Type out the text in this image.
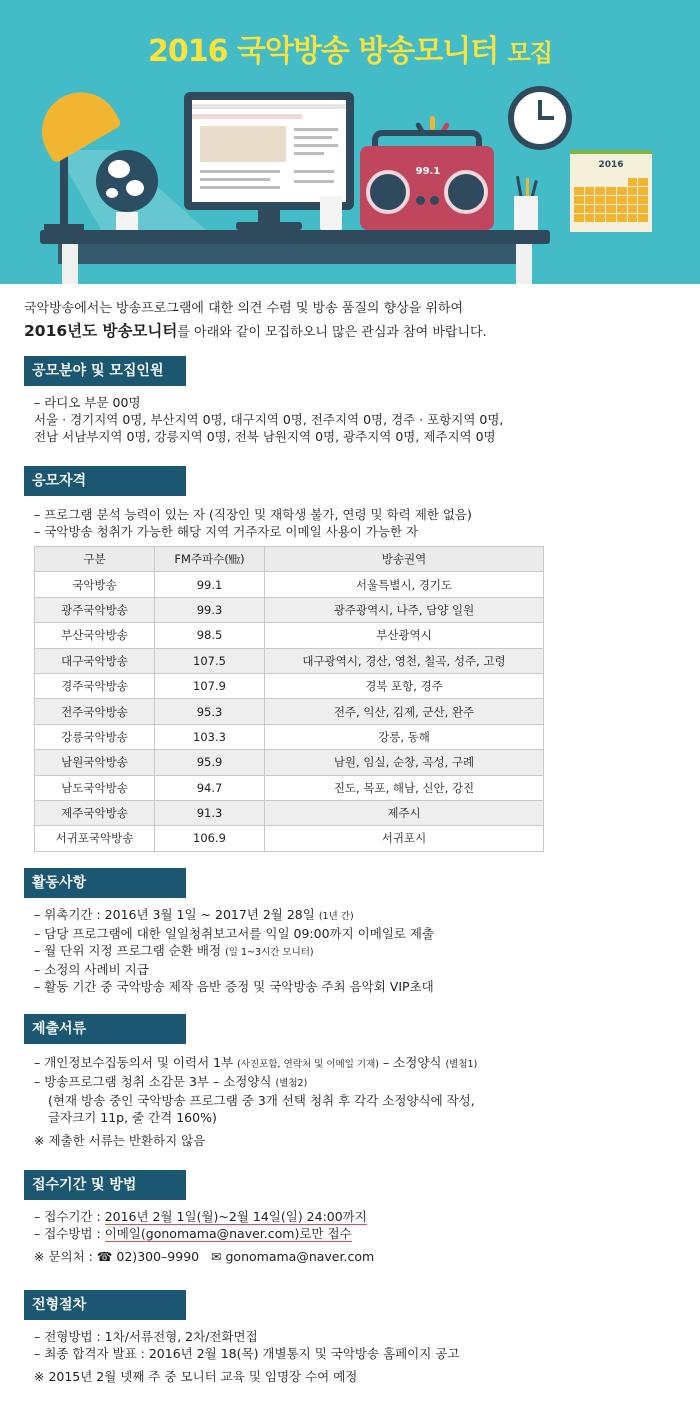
2016 국악방송 방송모니터 모집
99.1
2016
국악방송에서는 방송프로그램에 대한 의견 수렴 및 방송 품질의 향상을 위하여
2016년도 방송모니터를 아래와 같이 모집하오니 많은 관심과 참여 바랍니다.
공모분야 및 모집인원
– 라디오 부문 00명
서울 · 경기지역 0명, 부산지역 0명, 대구지역 0명, 전주지역 0명, 경주 · 포항지역 0명,
전남 서남부지역 0명, 강릉지역 0명, 전북 남원지역 0명, 광주지역 0명, 제주지역 0명
응모자격
– 프로그램 분석 능력이 있는 자 (직장인 및 재학생 불가, 연령 및 학력 제한 없음)
– 국악방송 청취가 가능한 해당 지역 거주자로 이메일 사용이 가능한 자
구분	FM주파수(㎒)	방송권역
국악방송	99.1	서울특별시, 경기도
광주국악방송	99.3	광주광역시, 나주, 담양 일원
부산국악방송	98.5	부산광역시
대구국악방송	107.5	대구광역시, 경산, 영천, 칠곡, 성주, 고령
경주국악방송	107.9	경북 포항, 경주
전주국악방송	95.3	전주, 익산, 김제, 군산, 완주
강릉국악방송	103.3	강릉, 동해
남원국악방송	95.9	남원, 임실, 순창, 곡성, 구례
남도국악방송	94.7	진도, 목포, 해남, 신안, 강진
제주국악방송	91.3	제주시
서귀포국악방송	106.9	서귀포시
활동사항
– 위촉기간 : 2016년 3월 1일 ~ 2017년 2월 28일 (1년 간)
– 담당 프로그램에 대한 일일청취보고서를 익일 09:00까지 이메일로 제출
– 월 단위 지정 프로그램 순환 배정 (일 1~3시간 모니터)
– 소정의 사례비 지급
– 활동 기간 중 국악방송 제작 음반 증정 및 국악방송 주최 음악회 VIP초대
제출서류
– 개인정보수집동의서 및 이력서 1부 (사진포함, 연락처 및 이메일 기재) – 소정양식 (별첨1)
– 방송프로그램 청취 소감문 3부 – 소정양식 (별첨2)
(현재 방송 중인 국악방송 프로그램 중 3개 선택 청취 후 각각 소정양식에 작성,
글자크기 11p, 줄 간격 160%)
※ 제출한 서류는 반환하지 않음
접수기간 및 방법
– 접수기간 : 2016년 2월 1일(월)~2월 14일(일) 24:00까지
– 접수방법 : 이메일(gonomama@naver.com)로만 접수
※ 문의처 : ☎ 02)300–9990 ✉ gonomama@naver.com
전형절차
– 전형방법 : 1차/서류전형, 2차/전화면접
– 최종 합격자 발표 : 2016년 2월 18(목) 개별통지 및 국악방송 홈페이지 공고
※ 2015년 2월 넷째 주 중 모니터 교육 및 임명장 수여 예정
